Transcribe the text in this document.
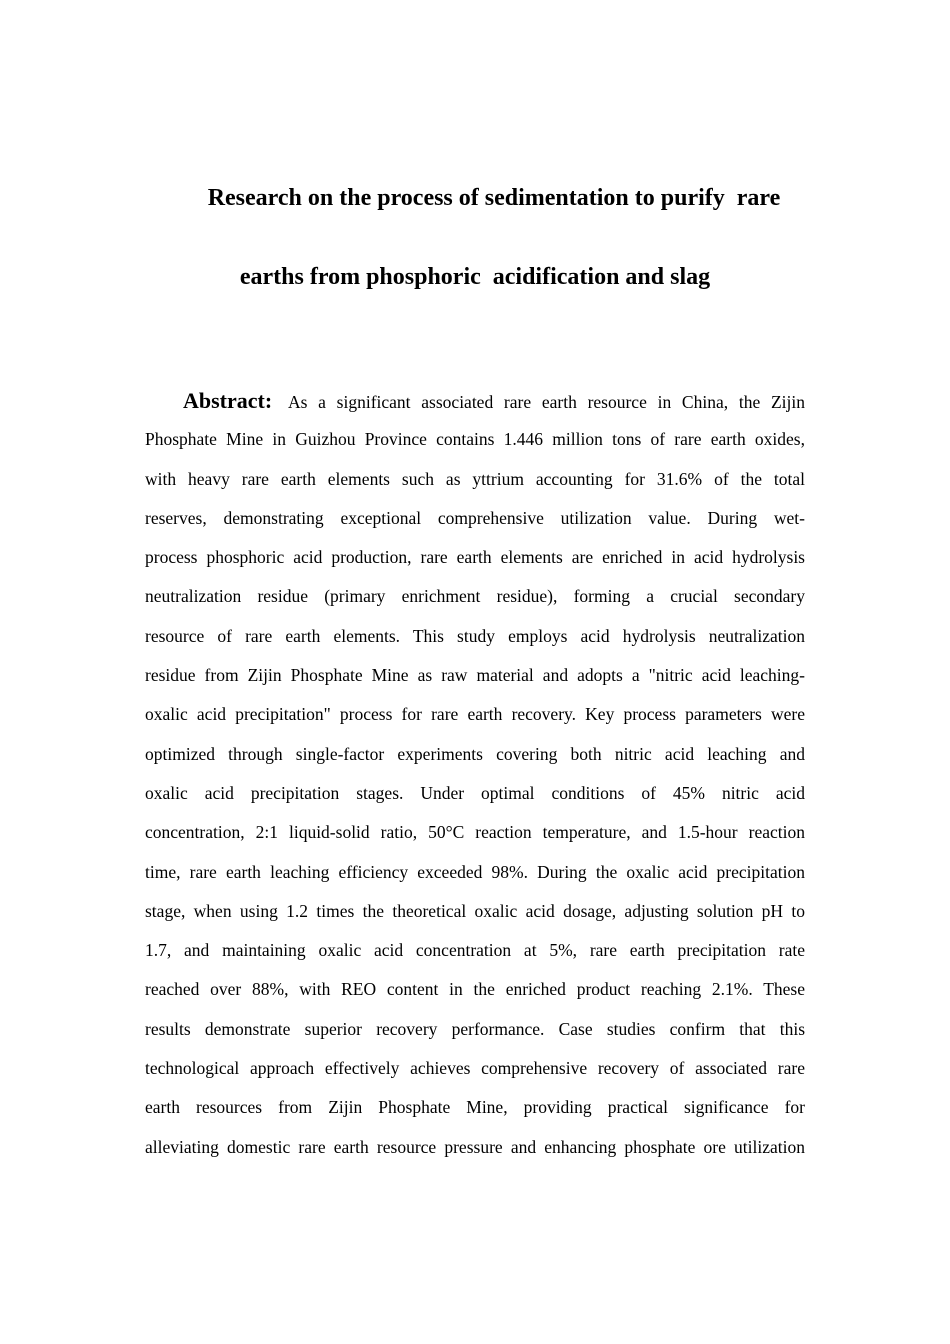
Research on the process of sedimentation to purify  rare
earths from phosphoric  acidification and slag
Abstract: As a significant associated rare earth resource in China, the Zijin
Phosphate Mine in Guizhou Province contains 1.446 million tons of rare earth oxides,
with heavy rare earth elements such as yttrium accounting for 31.6% of the total
reserves, demonstrating exceptional comprehensive utilization value. During wet-
process phosphoric acid production, rare earth elements are enriched in acid hydrolysis
neutralization residue (primary enrichment residue), forming a crucial secondary
resource of rare earth elements. This study employs acid hydrolysis neutralization
residue from Zijin Phosphate Mine as raw material and adopts a "nitric acid leaching-
oxalic acid precipitation" process for rare earth recovery. Key process parameters were
optimized through single-factor experiments covering both nitric acid leaching and
oxalic acid precipitation stages. Under optimal conditions of 45% nitric acid
concentration, 2:1 liquid-solid ratio, 50°C reaction temperature, and 1.5-hour reaction
time, rare earth leaching efficiency exceeded 98%. During the oxalic acid precipitation
stage, when using 1.2 times the theoretical oxalic acid dosage, adjusting solution pH to
1.7, and maintaining oxalic acid concentration at 5%, rare earth precipitation rate
reached over 88%, with REO content in the enriched product reaching 2.1%. These
results demonstrate superior recovery performance. Case studies confirm that this
technological approach effectively achieves comprehensive recovery of associated rare
earth resources from Zijin Phosphate Mine, providing practical significance for
alleviating domestic rare earth resource pressure and enhancing phosphate ore utilization
